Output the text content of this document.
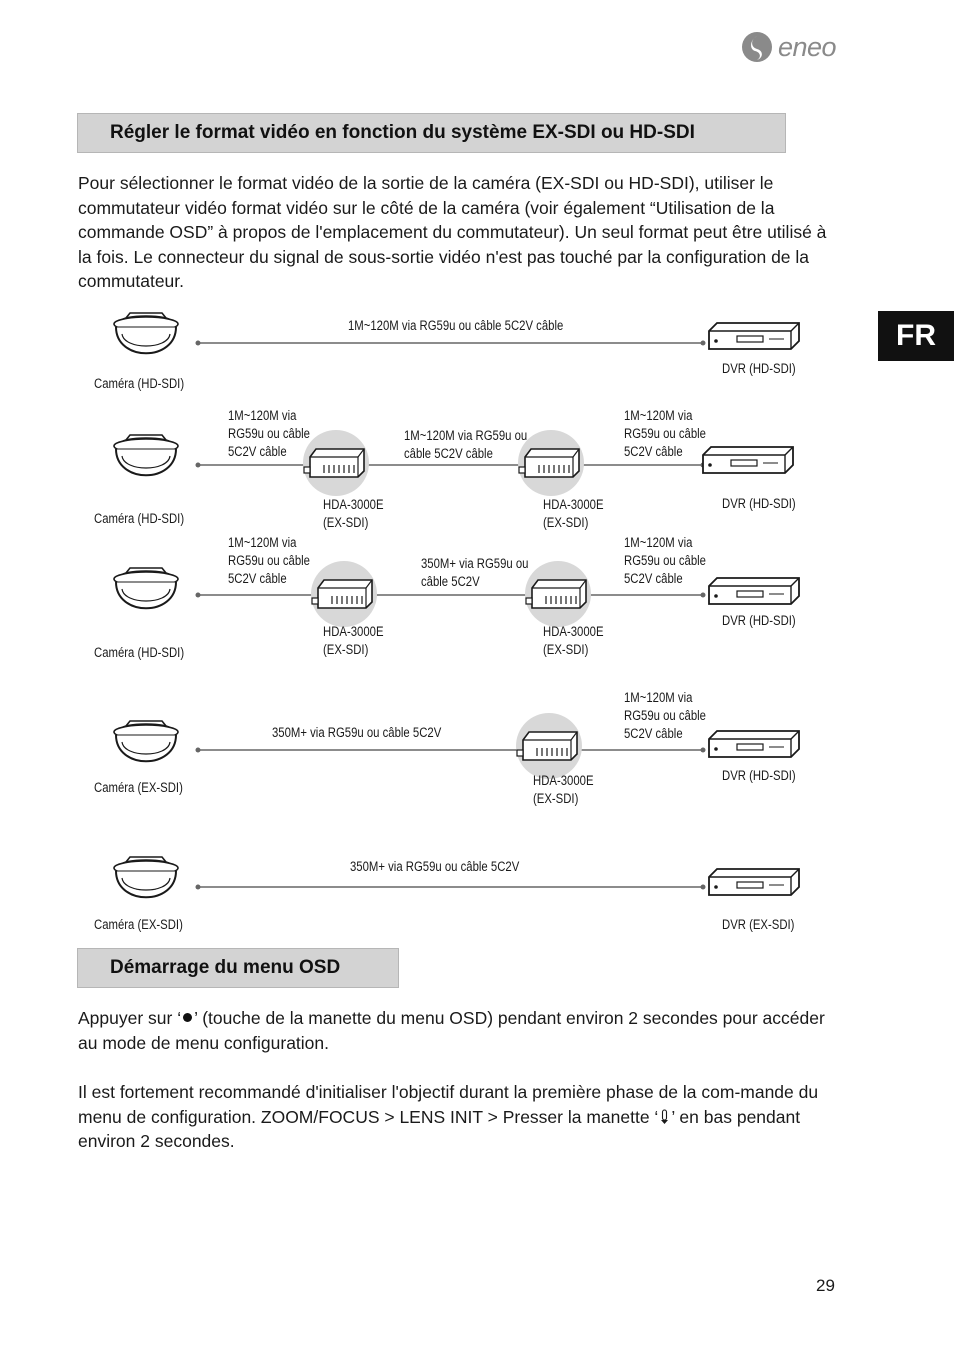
eneo
Régler le format vidéo en fonction du système EX-SDI ou HD-SDI

Pour sélectionner le format vidéo de la sortie de la caméra (EX-SDI ou HD-SDI), utiliser le commutateur vidéo format vidéo sur le côté de la caméra (voir également “Utilisation de la commande OSD” à propos de l'emplacement du commutateur). Un seul format peut être utilisé à la fois. Le connecteur du signal de sous-sortie vidéo n'est pas touché par la configuration de la commutateur.

FR
Caméra (HD-SDI)
1M~120M via RG59u ou câble 5C2V câble
DVR (HD-SDI)
Caméra (HD-SDI)
1M~120M via
RG59u ou câble
5C2V câble
HDA-3000E
(EX-SDI)
1M~120M via RG59u ou
câble 5C2V câble
HDA-3000E
(EX-SDI)
1M~120M via
RG59u ou câble
5C2V câble
DVR (HD-SDI)
Caméra (HD-SDI)
1M~120M via
RG59u ou câble
5C2V câble
HDA-3000E
(EX-SDI)
350M+ via RG59u ou
câble 5C2V
HDA-3000E
(EX-SDI)
1M~120M via
RG59u ou câble
5C2V câble
DVR (HD-SDI)
Caméra (EX-SDI)
350M+ via RG59u ou câble 5C2V
HDA-3000E
(EX-SDI)
1M~120M via
RG59u ou câble
5C2V câble
DVR (HD-SDI)
Caméra (EX-SDI)
350M+ via RG59u ou câble 5C2V
DVR (EX-SDI)
Démarrage du menu OSD

Appuyer sur ‘ ’ (touche de la manette du menu OSD) pendant environ 2 secondes pour accéder au mode de menu configuration.

Il est fortement recommandé d'initialiser l'objectif durant la première phase de la com-mande du menu de configuration. ZOOM/FOCUS > LENS INIT > Presser la manette ‘ ’ en bas pendant environ 2 secondes.

29
